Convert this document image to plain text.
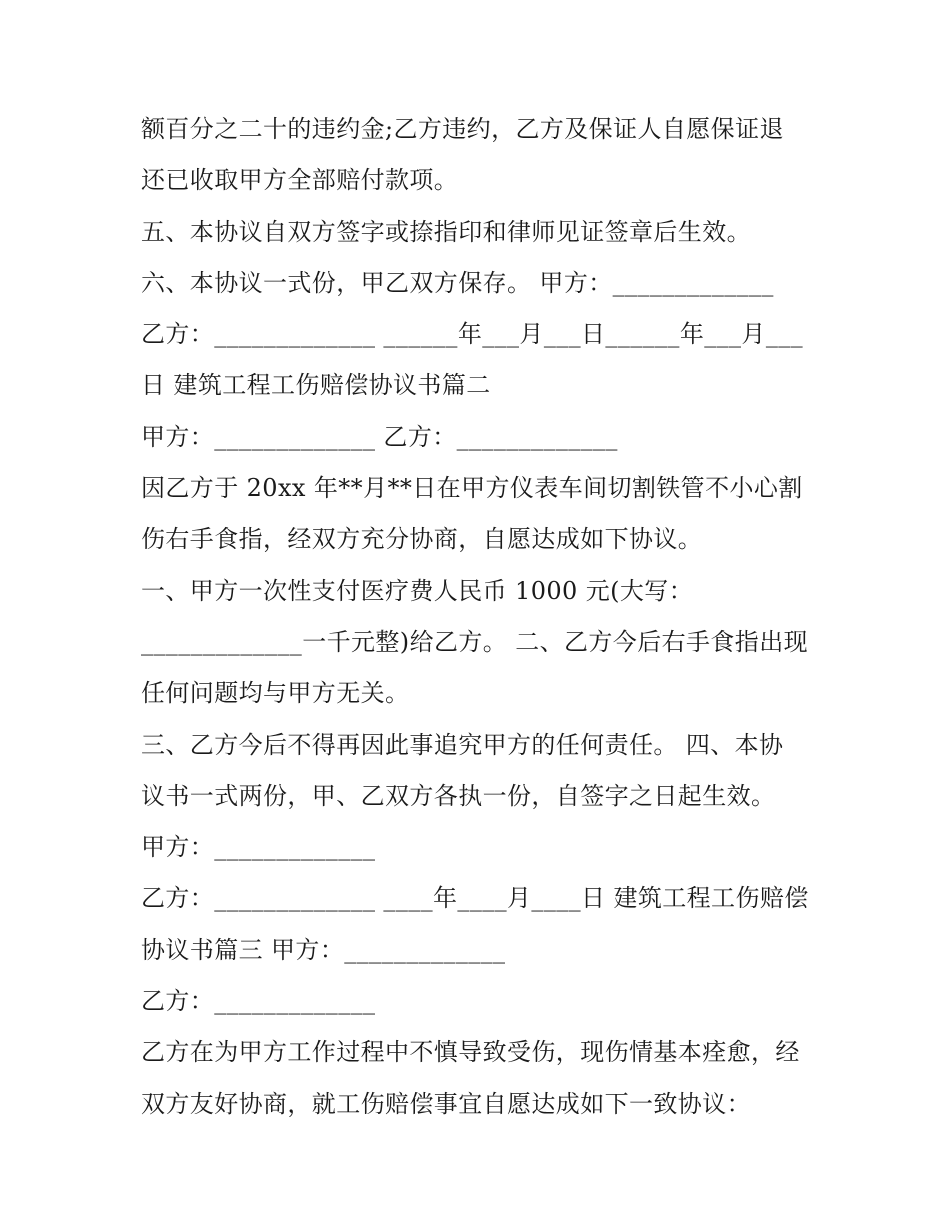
额百分之二十的违约金;乙方违约，乙方及保证人自愿保证退
还已收取甲方全部赔付款项。
五、本协议自双方签字或捺指印和律师见证签章后生效。
六、本协议一式份，甲乙双方保存。 甲方：_____________
乙方：_____________ ______年___月___日______年___月___
日 建筑工程工伤赔偿协议书篇二
甲方：_____________ 乙方：_____________
因乙方于 20xx 年**月**日在甲方仪表车间切割铁管不小心割
伤右手食指，经双方充分协商，自愿达成如下协议。
一、甲方一次性支付医疗费人民币 1000 元(大写：
_____________一千元整)给乙方。 二、乙方今后右手食指出现
任何问题均与甲方无关。
三、乙方今后不得再因此事追究甲方的任何责任。 四、本协
议书一式两份，甲、乙双方各执一份，自签字之日起生效。
甲方：_____________
乙方：_____________ ____年____月____日 建筑工程工伤赔偿
协议书篇三 甲方：_____________
乙方：_____________
乙方在为甲方工作过程中不慎导致受伤，现伤情基本痊愈，经
双方友好协商，就工伤赔偿事宜自愿达成如下一致协议：
